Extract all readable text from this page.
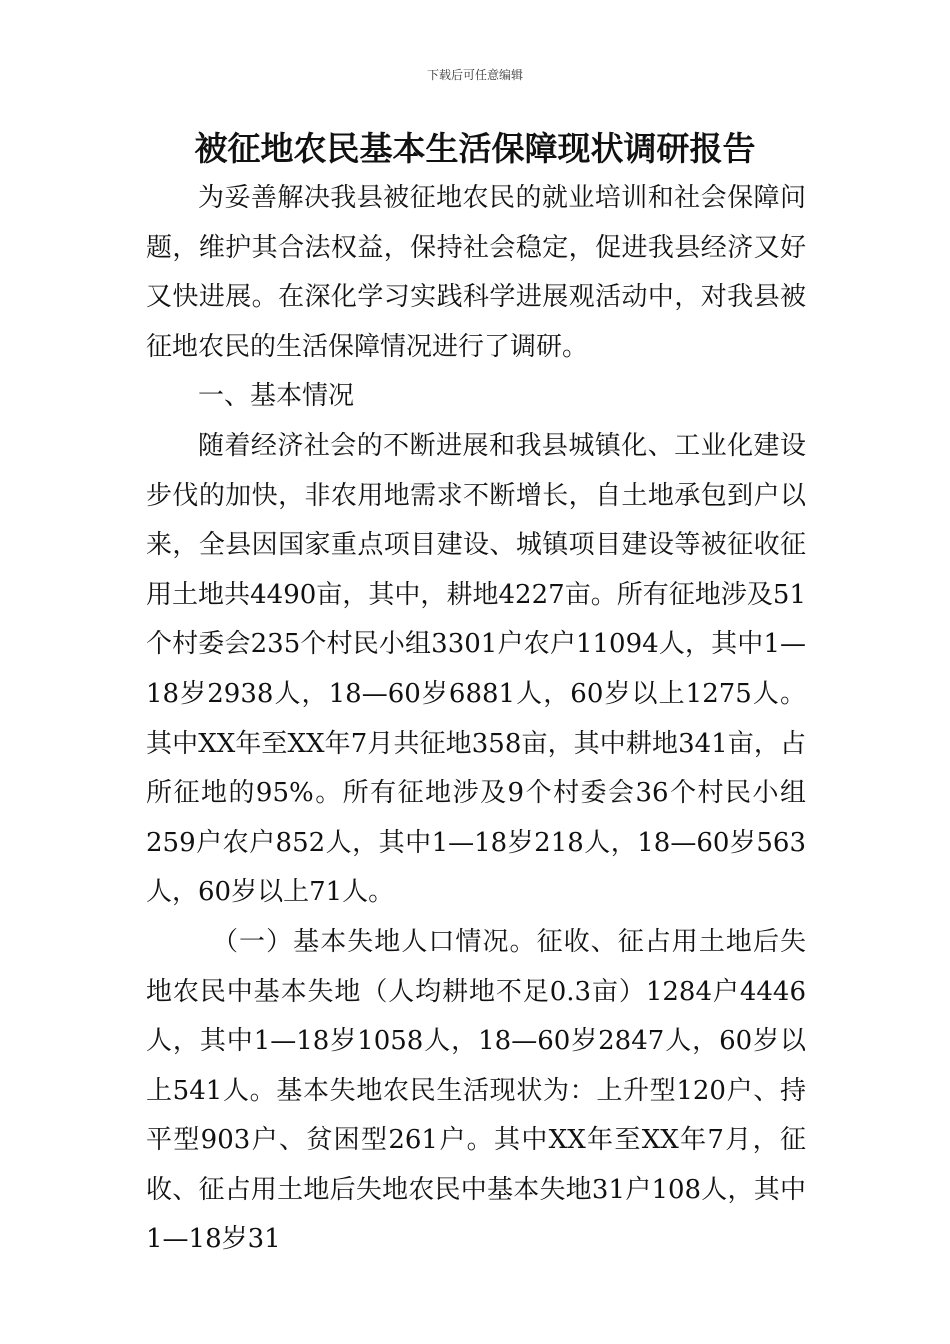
下载后可任意编辑
被征地农民基本生活保障现状调研报告

为妥善解决我县被征地农民的就业培训和社会保障问题，维护其合法权益，保持社会稳定，促进我县经济又好又快进展。在深化学习实践科学进展观活动中，对我县被征地农民的生活保障情况进行了调研。

一、基本情况

随着经济社会的不断进展和我县城镇化、工业化建设步伐的加快，非农用地需求不断增长，自土地承包到户以来，全县因国家重点项目建设、城镇项目建设等被征收征用土地共4490亩，其中，耕地4227亩。所有征地涉及51个村委会235个村民小组3301户农户11094人，其中1—18岁2938人，18—60岁6881人，60岁以上1275人。其中XX年至XX年7月共征地358亩，其中耕地341亩，占所征地的95%。所有征地涉及9个村委会36个村民小组259户农户852人，其中1—18岁218人，18—60岁563人，60岁以上71人。

（一）基本失地人口情况。征收、征占用土地后失地农民中基本失地（人均耕地不足0.3亩）1284户4446人，其中1—18岁1058人，18—60岁2847人，60岁以上541人。基本失地农民生活现状为：上升型120户、持平型903户、贫困型261户。其中XX年至XX年7月，征收、征占用土地后失地农民中基本失地31户108人，其中1—18岁31
